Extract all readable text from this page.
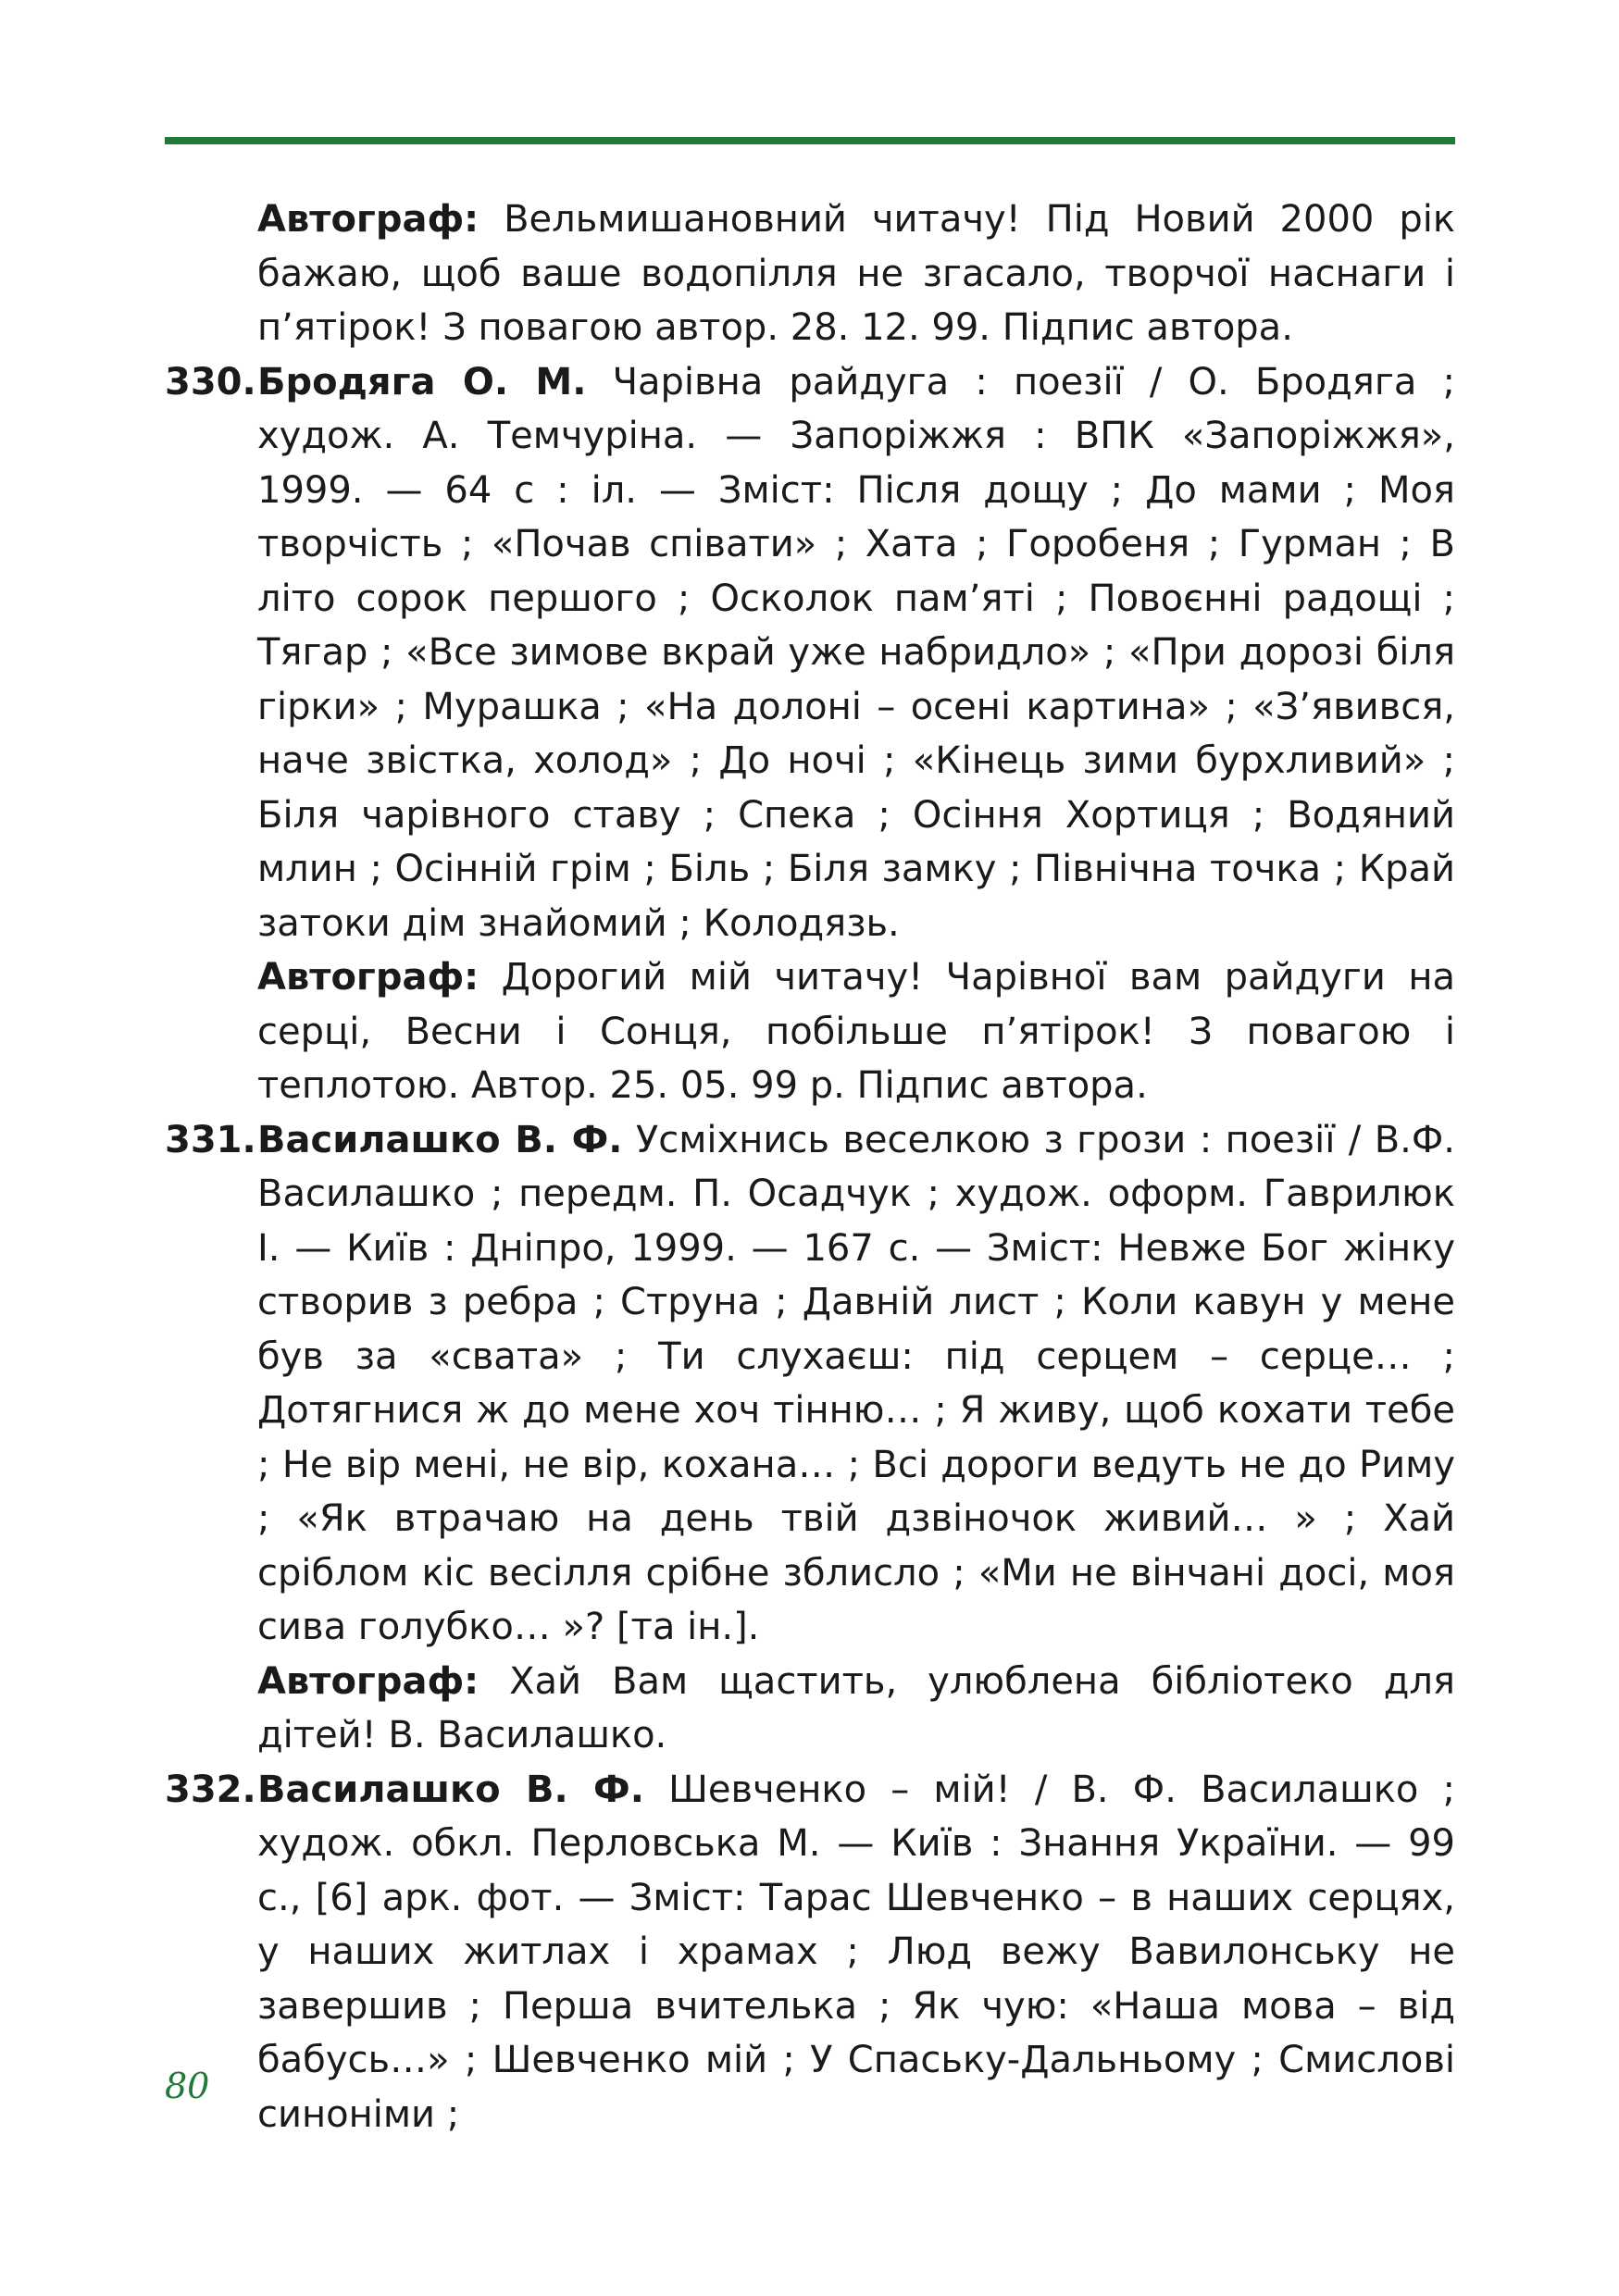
Автограф: Вельмишановний читачу! Під Новий 2000 рік бажаю, щоб ваше водопілля не згасало, творчої наснаги і п’ятірок! З повагою автор. 28. 12. 99. Підпис автора.

330. Бродяга О. М. Чарівна райдуга : поезії / О. Бродяга ; худож. А. Темчуріна. — Запоріжжя : ВПК «Запоріжжя», 1999. — 64 с : іл. — Зміст: Після дощу ; До мами ; Моя творчість ; «Почав співати» ; Хата ; Горобеня ; Гурман ; В літо сорок першого ; Осколок пам’яті ; Повоєнні радощі ; Тягар ; «Все зимове вкрай уже набридло» ; «При дорозі біля гірки» ; Мурашка ; «На долоні – осені картина» ; «З’явився, наче звістка, холод» ; До ночі ; «Кінець зими бурхливий» ; Біля чарівного ставу ; Спека ; Осіння Хортиця ; Водяний млин ; Осінній грім ; Біль ; Біля замку ; Північна точка ; Край затоки дім знайомий ; Колодязь.

Автограф: Дорогий мій читачу! Чарівної вам райдуги на серці, Весни і Сонця, побільше п’ятірок! З повагою і теплотою. Автор. 25. 05. 99 р. Підпис автора.

331. Василашко В. Ф. Усміхнись веселкою з грози : поезії / В.Ф. Василашко ; передм. П. Осадчук ; худож. оформ. Гаврилюк І. — Київ : Дніпро, 1999. — 167 с. — Зміст: Невже Бог жінку створив з ребра ; Струна ; Давній лист ; Коли кавун у мене був за «свата» ; Ти слухаєш: під серцем – серце… ; Дотягнися ж до мене хоч тінню… ; Я живу, щоб кохати тебе ; Не вір мені, не вір, кохана… ; Всі дороги ведуть не до Риму ; «Як втрачаю на день твій дзвіночок живий… » ; Хай сріблом кіс весілля срібне зблисло ; «Ми не вінчані досі, моя сива голубко… »? [та ін.].

Автограф: Хай Вам щастить, улюблена бібліотеко для дітей! В. Василашко.

332. Василашко В. Ф. Шевченко – мій! / В. Ф. Василашко ; худож. обкл. Перловська М. — Київ : Знання України. — 99 с., [6] арк. фот. — Зміст: Тарас Шевченко – в наших серцях, у наших житлах і храмах ; Люд вежу Вавилонську не завершив ; Перша вчителька ; Як чую: «Наша мова – від бабусь…» ; Шевченко мій ; У Спаську-Дальньому ; Смислові синоніми ;

80
